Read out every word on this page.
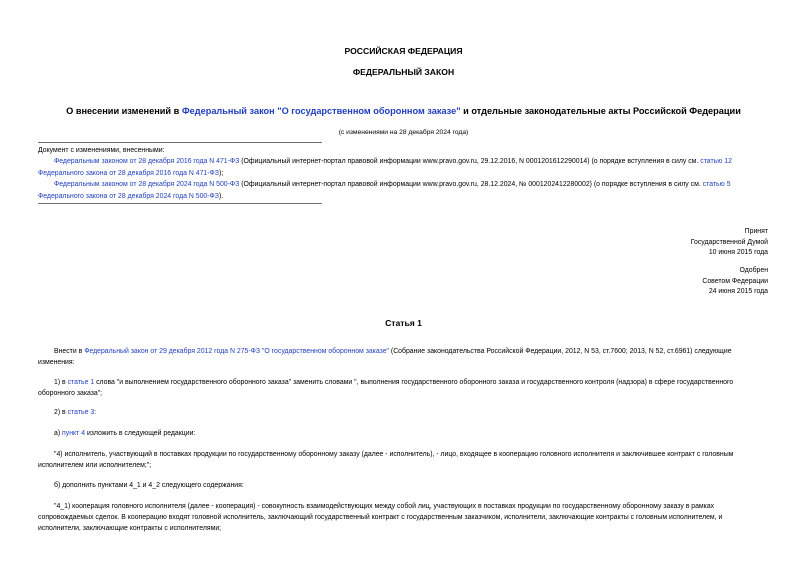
РОССИЙСКАЯ ФЕДЕРАЦИЯ
ФЕДЕРАЛЬНЫЙ ЗАКОН
О внесении изменений в Федеральный закон "О государственном оборонном заказе" и отдельные законодательные акты Российской Федерации
(с изменениями на 28 декабря 2024 года)
Документ с изменениями, внесенными:
Федеральным законом от 28 декабря 2016 года N 471-ФЗ (Официальный интернет-портал правовой информации www.pravo.gov.ru, 29.12.2016, N 0001201612290014) (о порядке вступления в силу см. статью 12
Федерального закона от 28 декабря 2016 года N 471-ФЗ);
Федеральным законом от 28 декабря 2024 года N 500-ФЗ (Официальный интернет-портал правовой информации www.pravo.gov.ru, 28.12.2024, № 0001202412280002) (о порядке вступления в силу см. статью 5
Федерального закона от 28 декабря 2024 года N 500-ФЗ).
Принят
Государственной Думой
10 июня 2015 года
Одобрен
Советом Федерации
24 июня 2015 года
Статья 1
Внести в Федеральный закон от 29 декабря 2012 года N 275-ФЗ "О государственном оборонном заказе" (Собрание законодательства Российской Федерации, 2012, N 53, ст.7600; 2013, N 52, ст.6961) следующие
изменения:
1) в статье 1 слова "и выполнением государственного оборонного заказа" заменить словами ", выполнения государственного оборонного заказа и государственного контроля (надзора) в сфере государственного
оборонного заказа";
2) в статье 3:
а) пункт 4 изложить в следующей редакции:
"4) исполнитель, участвующий в поставках продукции по государственному оборонному заказу (далее - исполнитель), - лицо, входящее в кооперацию головного исполнителя и заключившее контракт с головным
исполнителем или исполнителем;";
б) дополнить пунктами 4_1 и 4_2 следующего содержания:
"4_1) кооперация головного исполнителя (далее - кооперация) - совокупность взаимодействующих между собой лиц, участвующих в поставках продукции по государственному оборонному заказу в рамках
сопровождаемых сделок. В кооперацию входят головной исполнитель, заключающий государственный контракт с государственным заказчиком, исполнители, заключающие контракты с головным исполнителем, и
исполнители, заключающие контракты с исполнителями;
